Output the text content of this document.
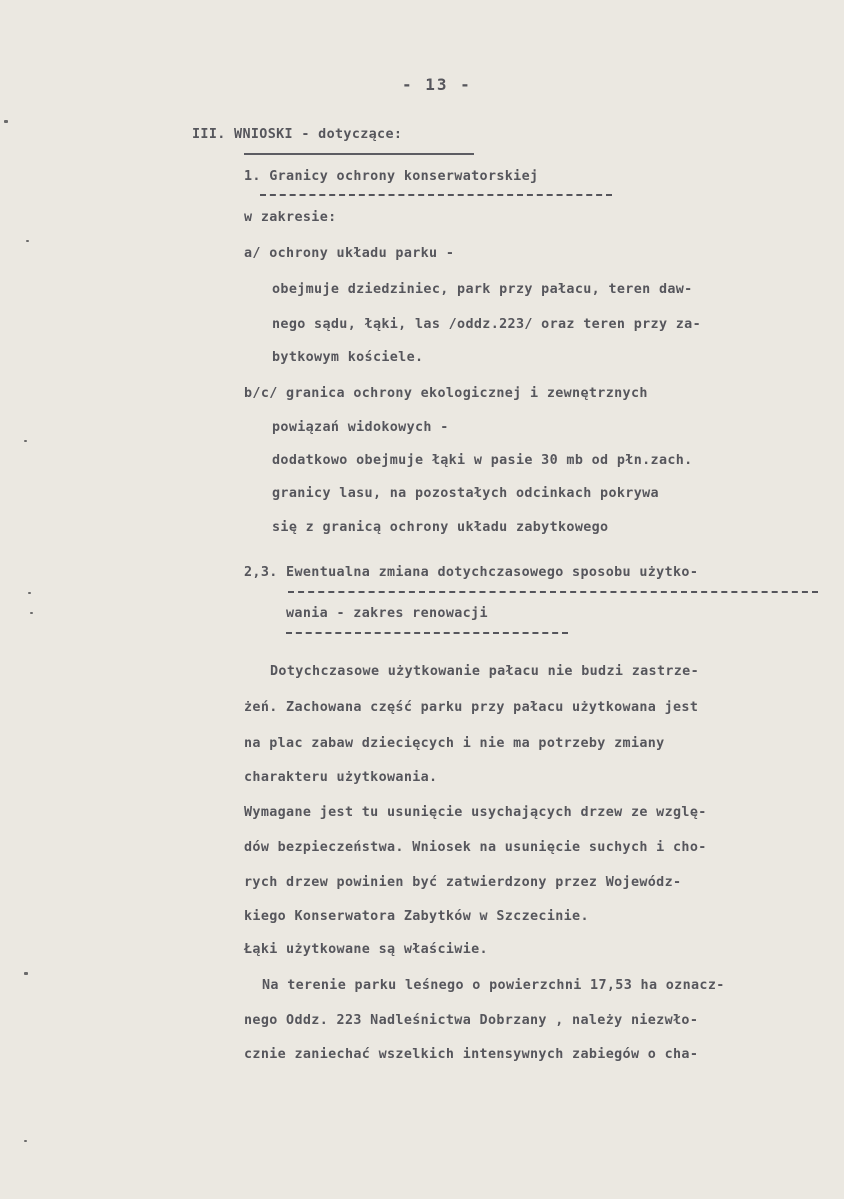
- 13 -
III. WNIOSKI - dotyczące:
1. Granicy ochrony konserwatorskiej
w zakresie:
a/ ochrony układu parku -
obejmuje dziedziniec, park przy pałacu, teren daw-
nego sądu, łąki, las /oddz.223/ oraz teren przy za-
bytkowym kościele.
b/c/ granica ochrony ekologicznej i zewnętrznych
powiązań widokowych -
dodatkowo obejmuje łąki w pasie 30 mb od płn.zach.
granicy lasu, na pozostałych odcinkach pokrywa
się z granicą ochrony układu zabytkowego
2,3. Ewentualna zmiana dotychczasowego sposobu użytko-
wania - zakres renowacji
Dotychczasowe użytkowanie pałacu nie budzi zastrze-
żeń. Zachowana część parku przy pałacu użytkowana jest
na plac zabaw dziecięcych i nie ma potrzeby zmiany
charakteru użytkowania.
Wymagane jest tu usunięcie usychających drzew ze wzglę-
dów bezpieczeństwa. Wniosek na usunięcie suchych i cho-
rych drzew powinien być zatwierdzony przez Wojewódz-
kiego Konserwatora Zabytków w Szczecinie.
Łąki użytkowane są właściwie.
Na terenie parku leśnego o powierzchni 17,53 ha oznacz-
nego Oddz. 223 Nadleśnictwa Dobrzany , należy niezwło-
cznie zaniechać wszelkich intensywnych zabiegów o cha-
